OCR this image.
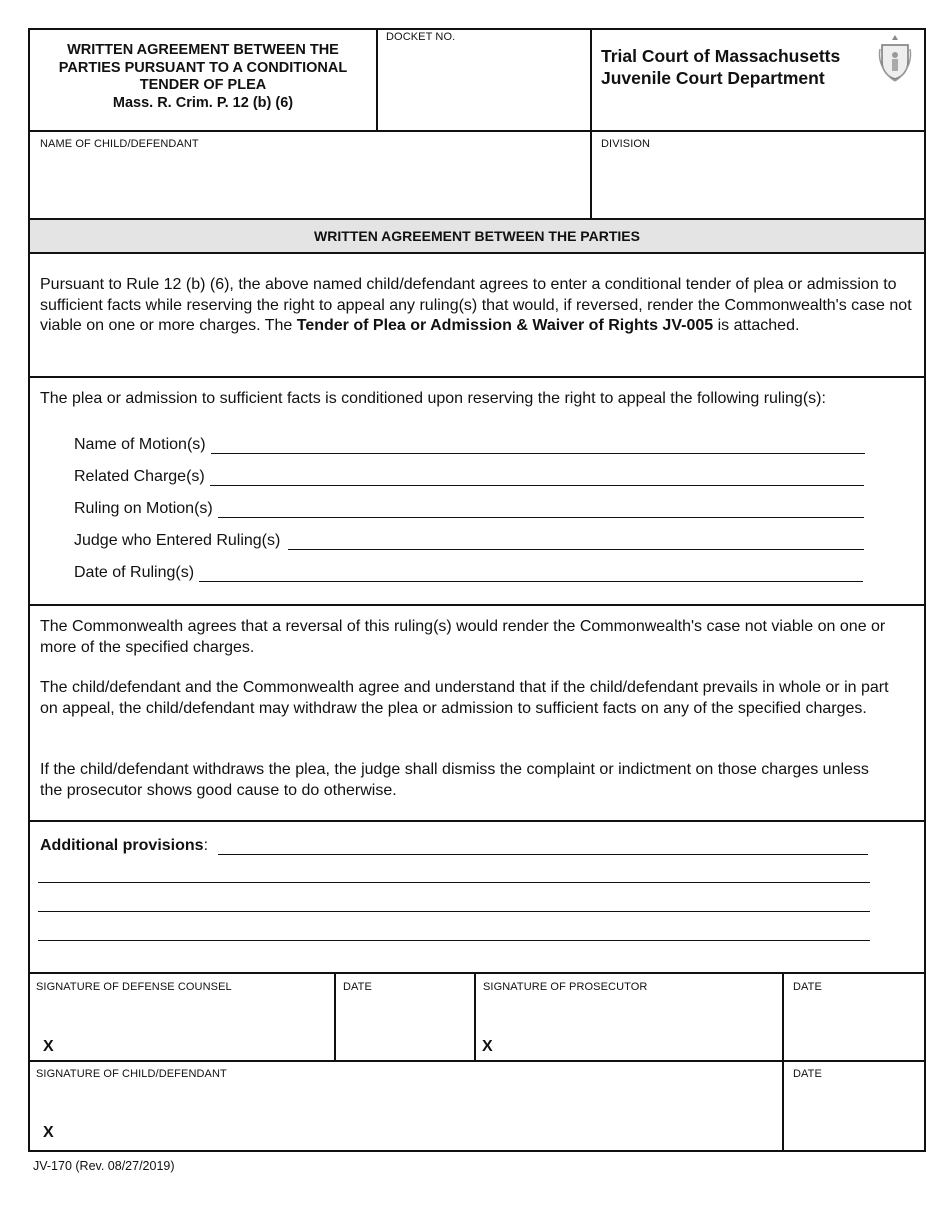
WRITTEN AGREEMENT BETWEEN THE
PARTIES PURSUANT TO A CONDITIONAL
TENDER OF PLEA
Mass. R. Crim. P. 12 (b) (6)
DOCKET NO.
Trial Court of Massachusetts
Juvenile Court Department
NAME OF CHILD/DEFENDANT	DIVISION
WRITTEN AGREEMENT BETWEEN THE PARTIES
Pursuant to Rule 12 (b) (6), the above named child/defendant agrees to enter a conditional tender of plea or admission to sufficient facts while reserving the right to appeal any ruling(s) that would, if reversed, render the Commonwealth's case not viable on one or more charges. The Tender of Plea or Admission & Waiver of Rights JV-005 is attached.
The plea or admission to sufficient facts is conditioned upon reserving the right to appeal the following ruling(s):
Name of Motion(s)
Related Charge(s)
Ruling on Motion(s)
Judge who Entered Ruling(s)
Date of Ruling(s)
The Commonwealth agrees that a reversal of this ruling(s) would render the Commonwealth's case not viable on one or more of the specified charges.
The child/defendant and the Commonwealth agree and understand that if the child/defendant prevails in whole or in part on appeal, the child/defendant may withdraw the plea or admission to sufficient facts on any of the specified charges.
If the child/defendant withdraws the plea, the judge shall dismiss the complaint or indictment on those charges unless the prosecutor shows good cause to do otherwise.
Additional provisions :
SIGNATURE OF DEFENSE COUNSEL
X
DATE	SIGNATURE OF PROSECUTOR
X
DATE
SIGNATURE OF CHILD/DEFENDANT
X
DATE
JV-170 (Rev. 08/27/2019)
